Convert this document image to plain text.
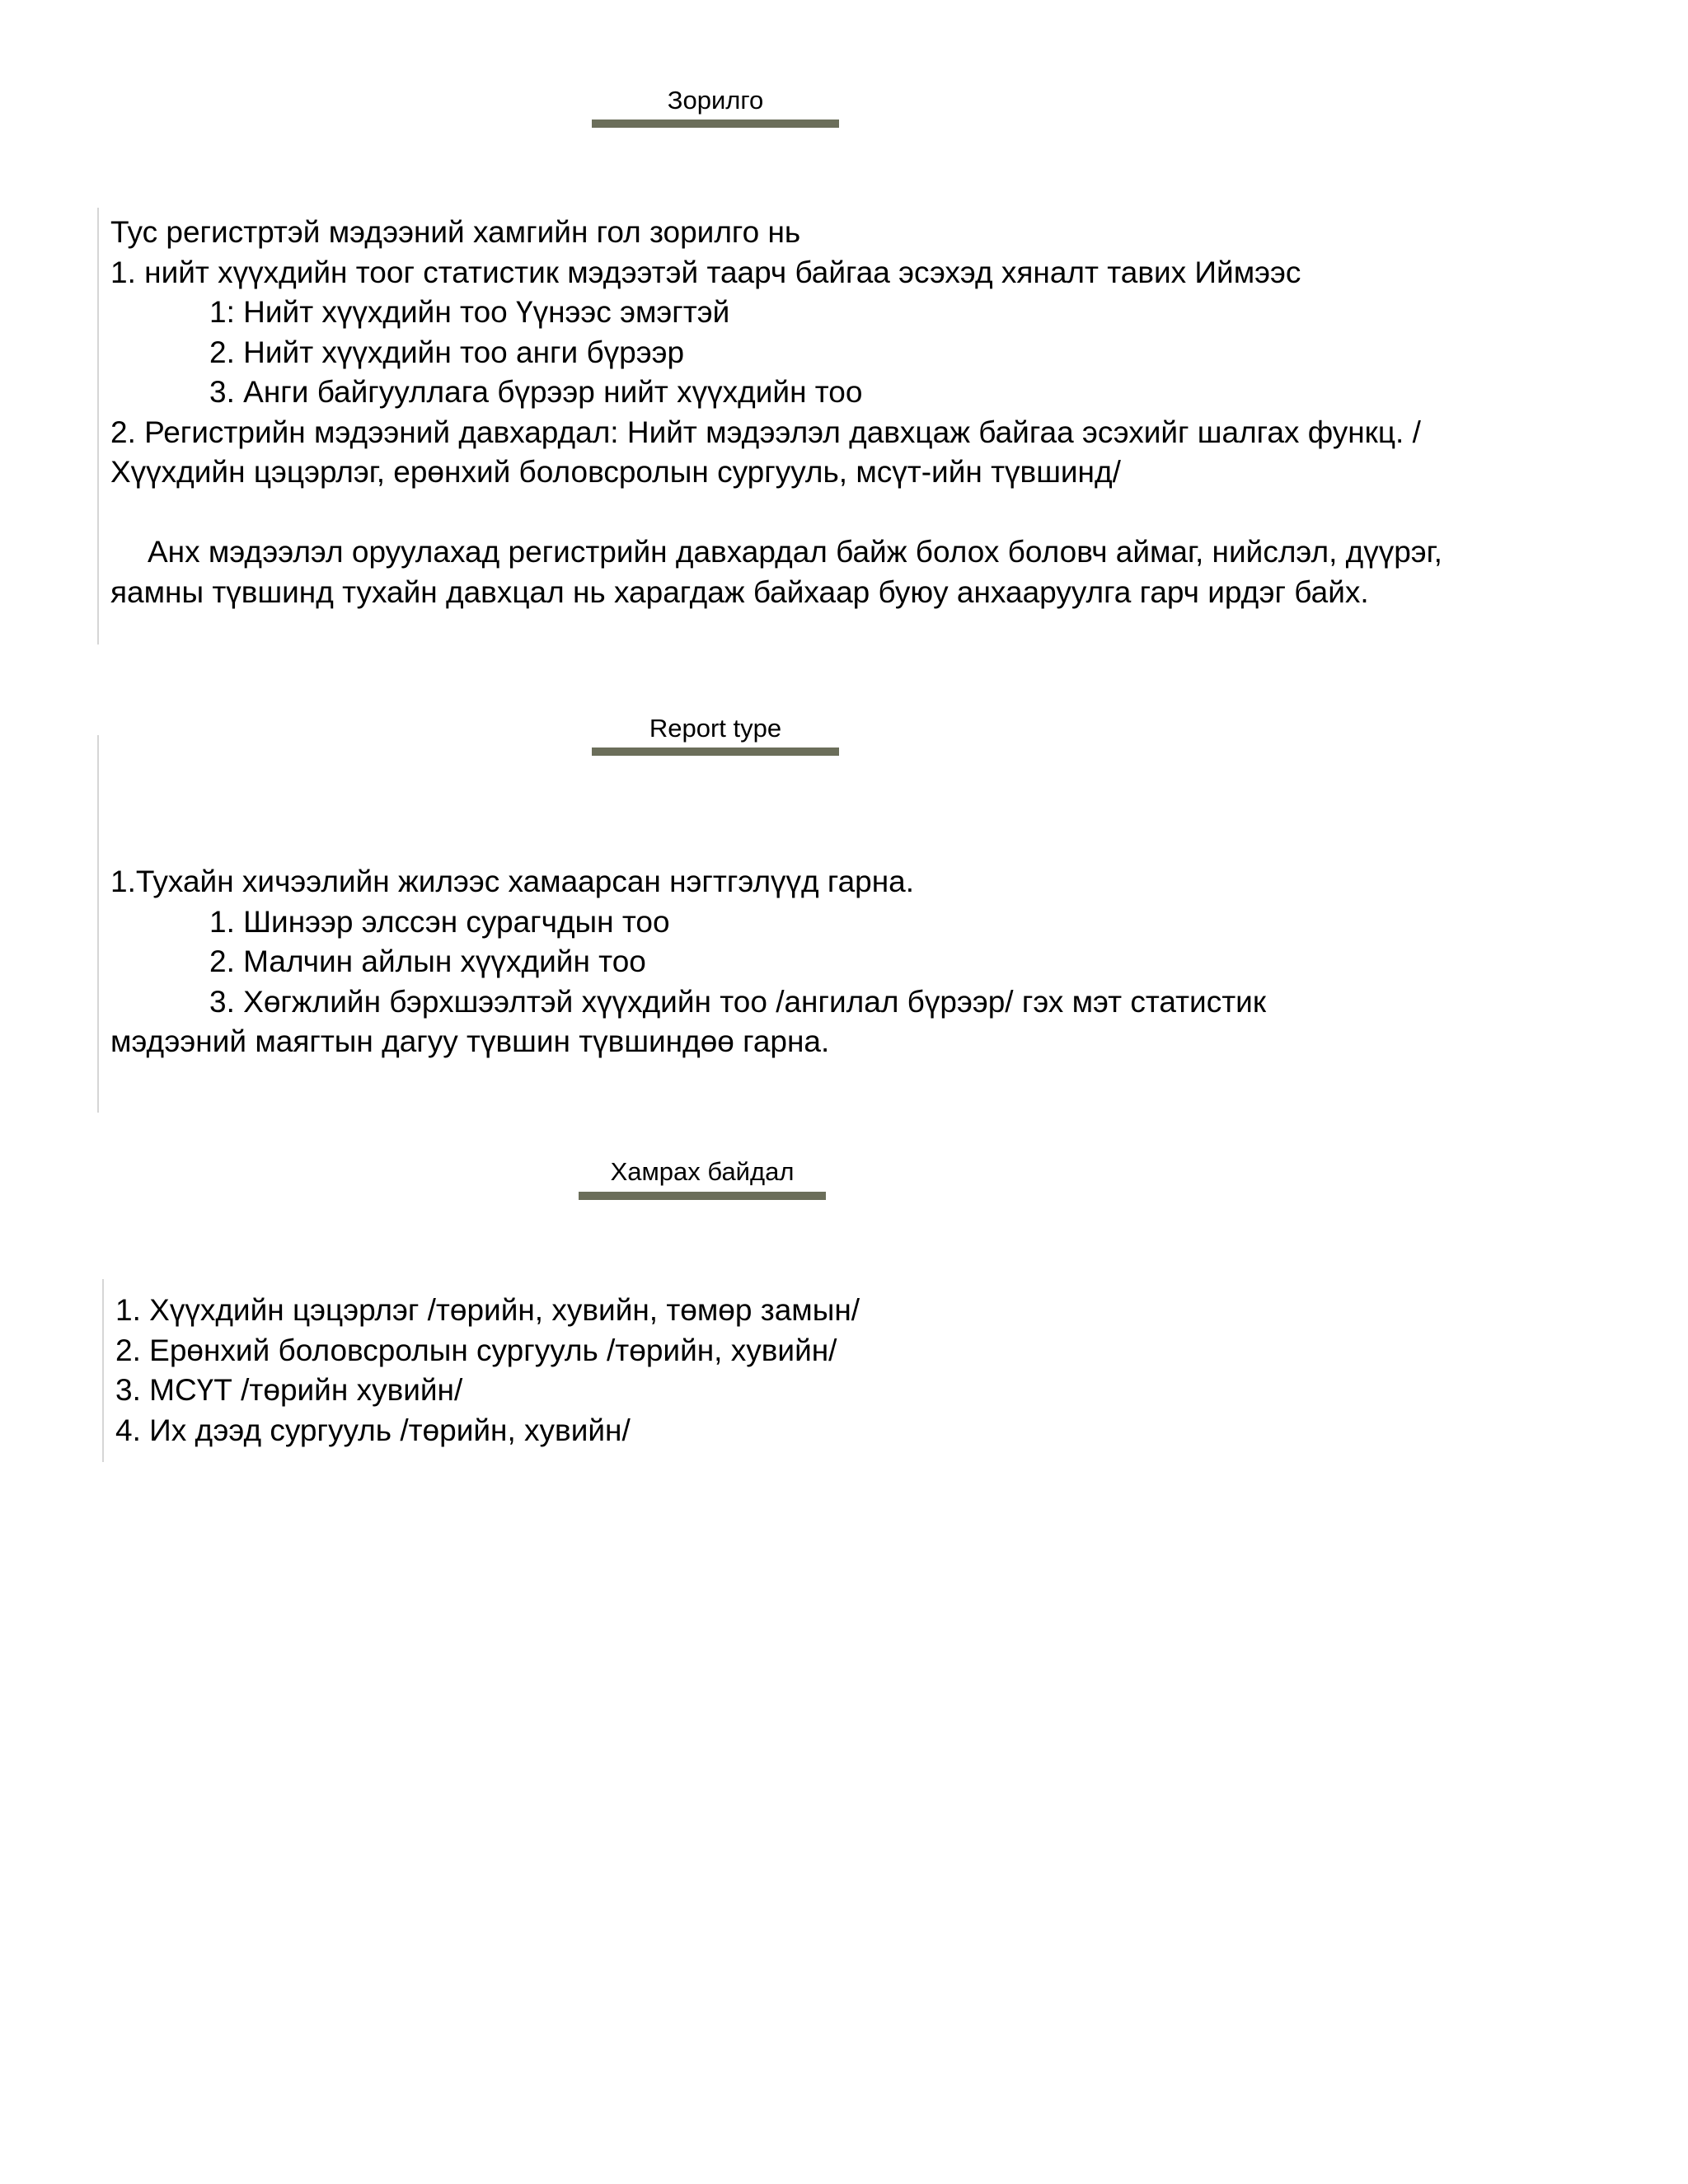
Зорилго
Тус регистртэй мэдээний хамгийн гол зорилго нь
1. нийт хүүхдийн тоог статистик мэдээтэй таарч байгаа эсэхэд хяналт тавих Иймээс
1: Нийт хүүхдийн тоо Үүнээс эмэгтэй
2. Нийт хүүхдийн тоо анги бүрээр
3. Анги байгууллага бүрээр нийт хүүхдийн тоо
2. Регистрийн мэдээний давхардал: Нийт мэдээлэл давхцаж байгаа эсэхийг шалгах функц. /
Хүүхдийн цэцэрлэг, ерөнхий боловсролын сургууль, мсүт-ийн түвшинд/
Анх мэдээлэл оруулахад регистрийн давхардал байж болох боловч аймаг, нийслэл, дүүрэг,
яамны түвшинд тухайн давхцал нь харагдаж байхаар буюу анхааруулга гарч ирдэг байх.
Report type
1.Тухайн хичээлийн жилээс хамаарсан нэгтгэлүүд гарна.
1. Шинээр элссэн сурагчдын тоо
2. Малчин айлын хүүхдийн тоо
3. Хөгжлийн бэрхшээлтэй хүүхдийн тоо /ангилал бүрээр/ гэх мэт статистик
мэдээний маягтын дагуу түвшин түвшиндөө гарна.
Хамрах байдал
1. Хүүхдийн цэцэрлэг /төрийн, хувийн, төмөр замын/
2. Ерөнхий боловсролын сургууль /төрийн, хувийн/
3. МСҮТ /төрийн хувийн/
4. Их дээд сургууль /төрийн, хувийн/
